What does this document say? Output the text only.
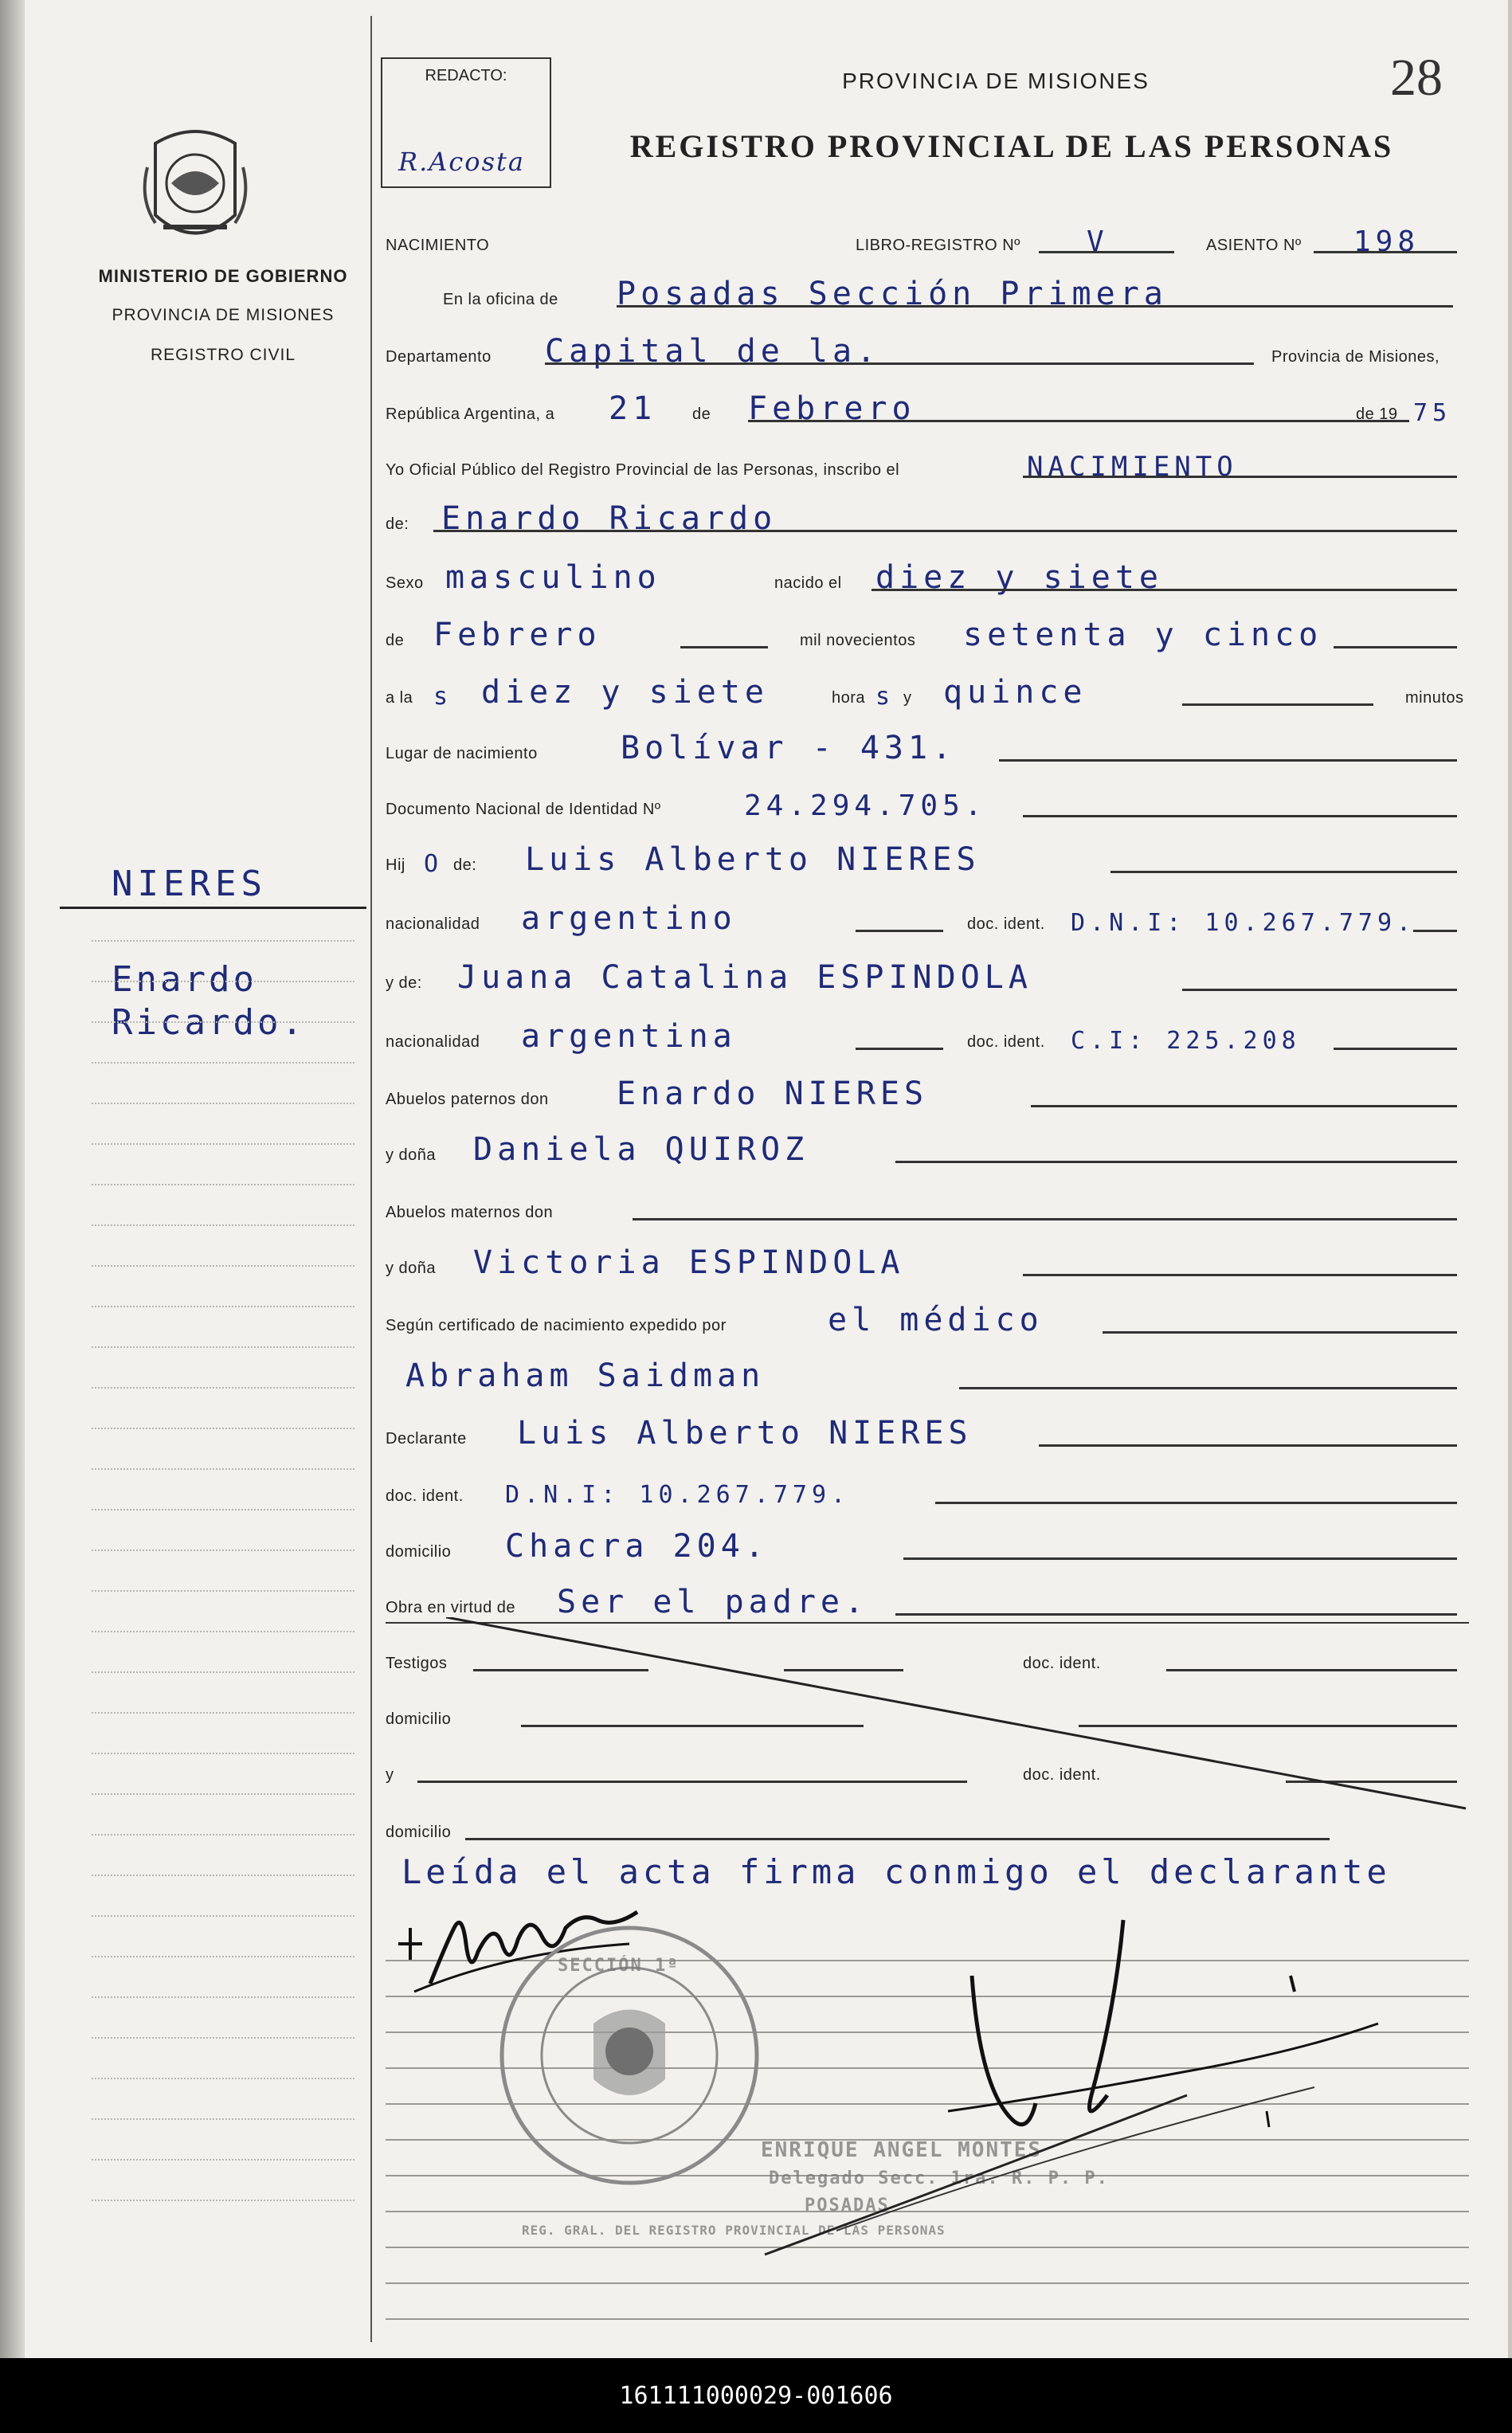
MINISTERIO DE GOBIERNO
PROVINCIA DE MISIONES
REGISTRO CIVIL
NIERES
Enardo
Ricardo.
REDACTO:
R.Acosta
PROVINCIA DE MISIONES
REGISTRO PROVINCIAL DE LAS PERSONAS
28
NACIMIENTO	LIBRO-REGISTRO Nº V	ASIENTO Nº 198
En la oficina de Posadas Sección Primera
Departamento Capital de la.	Provincia de Misiones,
República Argentina, a 21 de Febrero	de 19 75
Yo Oficial Público del Registro Provincial de las Personas, inscribo el	NACIMIENTO
de: Enardo Ricardo
Sexo masculino	nacido el diez y siete
de Febrero	mil novecientos setenta y cinco
a la s diez y siete	hora s y quince	minutos
Lugar de nacimiento	Bolívar - 431.
Documento Nacional de Identidad Nº	24.294.705.
Hij O de: Luis Alberto NIERES
nacionalidad argentino	doc. ident. D.N.I: 10.267.779.
y de: Juana Catalina ESPINDOLA
nacionalidad argentina	doc. ident. C.I: 225.208
Abuelos paternos don Enardo NIERES
y doña Daniela QUIROZ
Abuelos maternos don
y doña Victoria ESPINDOLA
Según certificado de nacimiento expedido por	el médico
Abraham Saidman
Declarante Luis Alberto NIERES
doc. ident. D.N.I: 10.267.779.
domicilio Chacra 204.
Obra en virtud de Ser el padre.
Testigos	doc. ident.
domicilio
y	doc. ident.
domicilio
Leída el acta firma conmigo el declarante
SECCIÓN 1ª
REG. GRAL. DEL REGISTRO PROVINCIAL DE LAS PERSONAS
ENRIQUE ANGEL MONTES
Delegado Secc. 1ra. R. P. P.
POSADAS
161111000029-001606
